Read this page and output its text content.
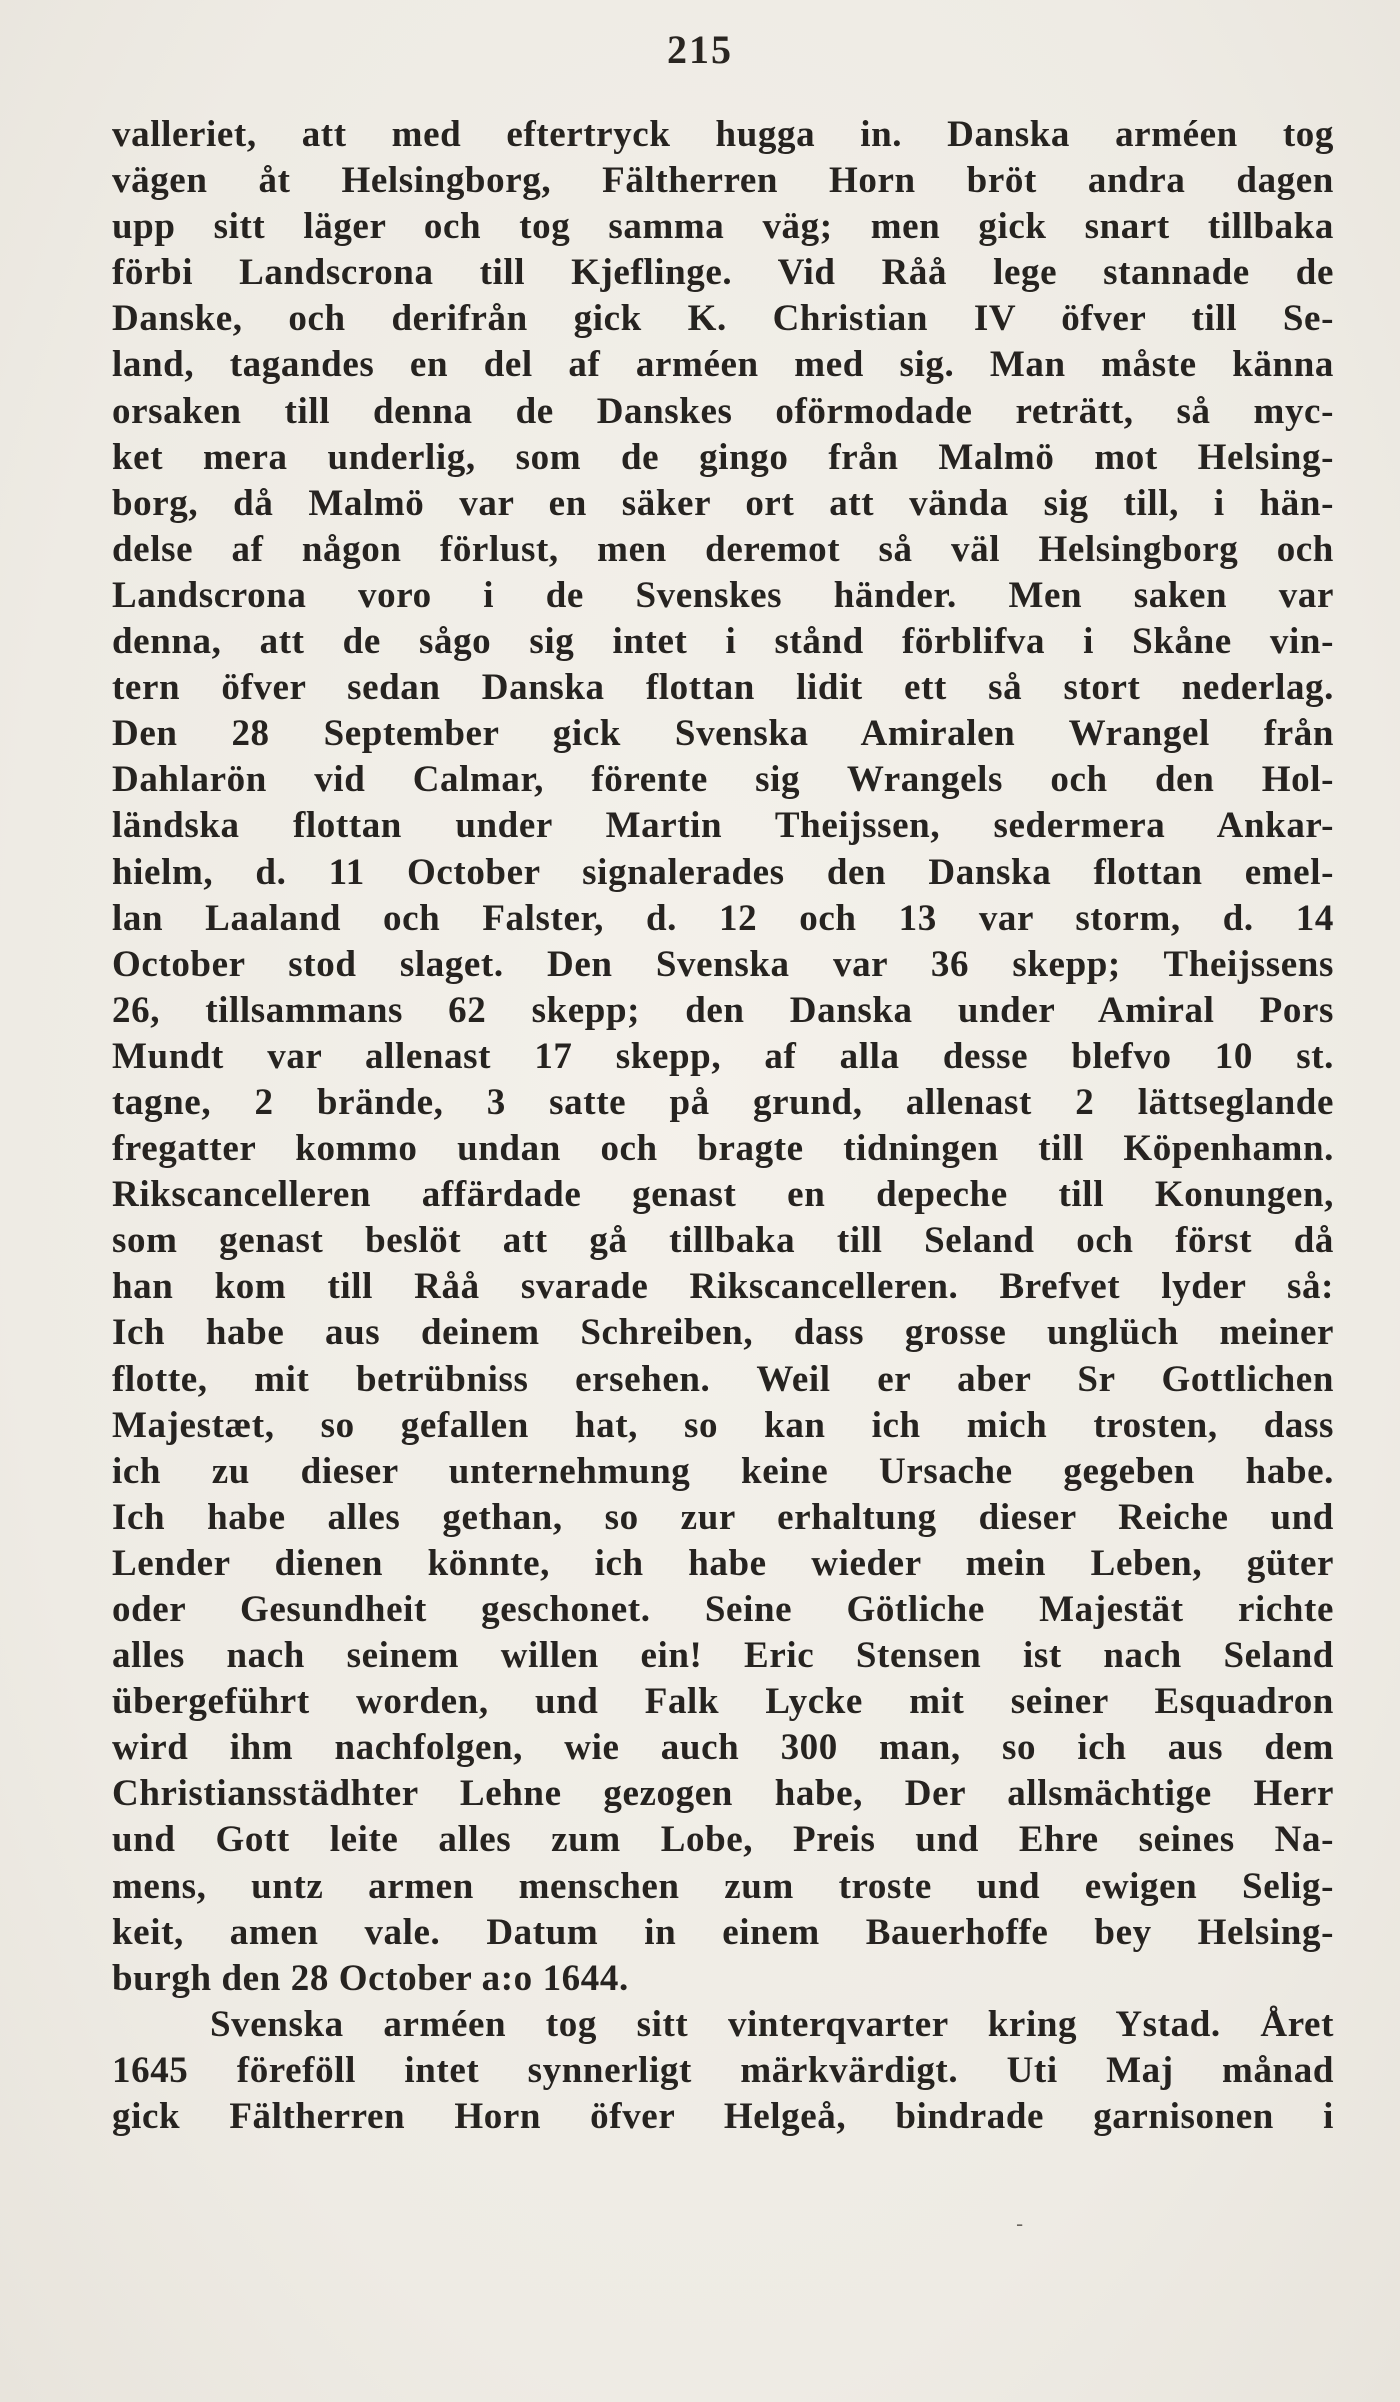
215
valleriet, att med eftertryck hugga in. Danska arméen tog
vägen åt Helsingborg, Fältherren Horn bröt andra dagen
upp sitt läger och tog samma väg; men gick snart tillbaka
förbi Landscrona till Kjeflinge. Vid Råå lege stannade de
Danske, och derifrån gick K. Christian IV öfver till Se-
land, tagandes en del af arméen med sig. Man måste känna
orsaken till denna de Danskes oförmodade reträtt, så myc-
ket mera underlig, som de gingo från Malmö mot Helsing-
borg, då Malmö var en säker ort att vända sig till, i hän-
delse af någon förlust, men deremot så väl Helsingborg och
Landscrona voro i de Svenskes händer. Men saken var
denna, att de sågo sig intet i stånd förblifva i Skåne vin-
tern öfver sedan Danska flottan lidit ett så stort nederlag.
Den 28 September gick Svenska Amiralen Wrangel från
Dahlarön vid Calmar, förente sig Wrangels och den Hol-
ländska flottan under Martin Theijssen, sedermera Ankar-
hielm, d. 11 October signalerades den Danska flottan emel-
lan Laaland och Falster, d. 12 och 13 var storm, d. 14
October stod slaget. Den Svenska var 36 skepp; Theijssens
26, tillsammans 62 skepp; den Danska under Amiral Pors
Mundt var allenast 17 skepp, af alla desse blefvo 10 st.
tagne, 2 brände, 3 satte på grund, allenast 2 lättseglande
fregatter kommo undan och bragte tidningen till Köpenhamn.
Rikscancelleren affärdade genast en depeche till Konungen,
som genast beslöt att gå tillbaka till Seland och först då
han kom till Råå svarade Rikscancelleren. Brefvet lyder så:
Ich habe aus deinem Schreiben, dass grosse unglüch meiner
flotte, mit betrübniss ersehen. Weil er aber Sr Gottlichen
Majestæt, so gefallen hat, so kan ich mich trosten, dass
ich zu dieser unternehmung keine Ursache gegeben habe.
Ich habe alles gethan, so zur erhaltung dieser Reiche und
Lender dienen könnte, ich habe wieder mein Leben, güter
oder Gesundheit geschonet. Seine Götliche Majestät richte
alles nach seinem willen ein! Eric Stensen ist nach Seland
übergeführt worden, und Falk Lycke mit seiner Esquadron
wird ihm nachfolgen, wie auch 300 man, so ich aus dem
Christiansstädhter Lehne gezogen habe, Der allsmächtige Herr
und Gott leite alles zum Lobe, Preis und Ehre seines Na-
mens, untz armen menschen zum troste und ewigen Selig-
keit, amen vale. Datum in einem Bauerhoffe bey Helsing-
burgh den 28 October a:o 1644.
Svenska arméen tog sitt vinterqvarter kring Ystad. Året
1645 föreföll intet synnerligt märkvärdigt. Uti Maj månad
gick Fältherren Horn öfver Helgeå, bindrade garnisonen i
-
